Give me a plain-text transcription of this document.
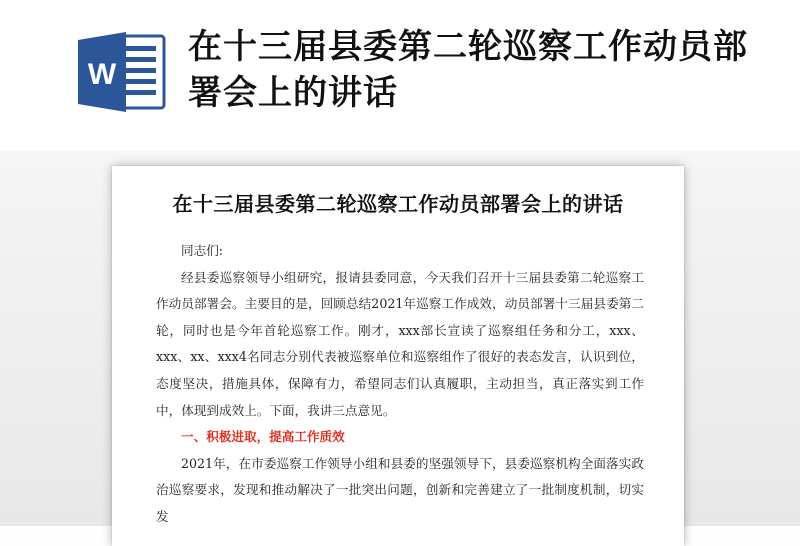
W
在十三届县委第二轮巡察工作动员部署会上的讲话
在十三届县委第二轮巡察工作动员部署会上的讲话

同志们:

经县委巡察领导小组研究，报请县委同意，今天我们召开十三届县委第二轮巡察工作动员部署会。主要目的是，回顾总结2021年巡察工作成效，动员部署十三届县委第二轮，同时也是今年首轮巡察工作。刚才，xxx部长宣读了巡察组任务和分工，xxx、xxx、xx、xxx4名同志分别代表被巡察单位和巡察组作了很好的表态发言，认识到位，态度坚决，措施具体，保障有力，希望同志们认真履职，主动担当，真正落实到工作中，体现到成效上。下面，我讲三点意见。

一、积极进取，提高工作质效

2021年，在市委巡察工作领导小组和县委的坚强领导下，县委巡察机构全面落实政治巡察要求，发现和推动解决了一批突出问题，创新和完善建立了一批制度机制，切实发
